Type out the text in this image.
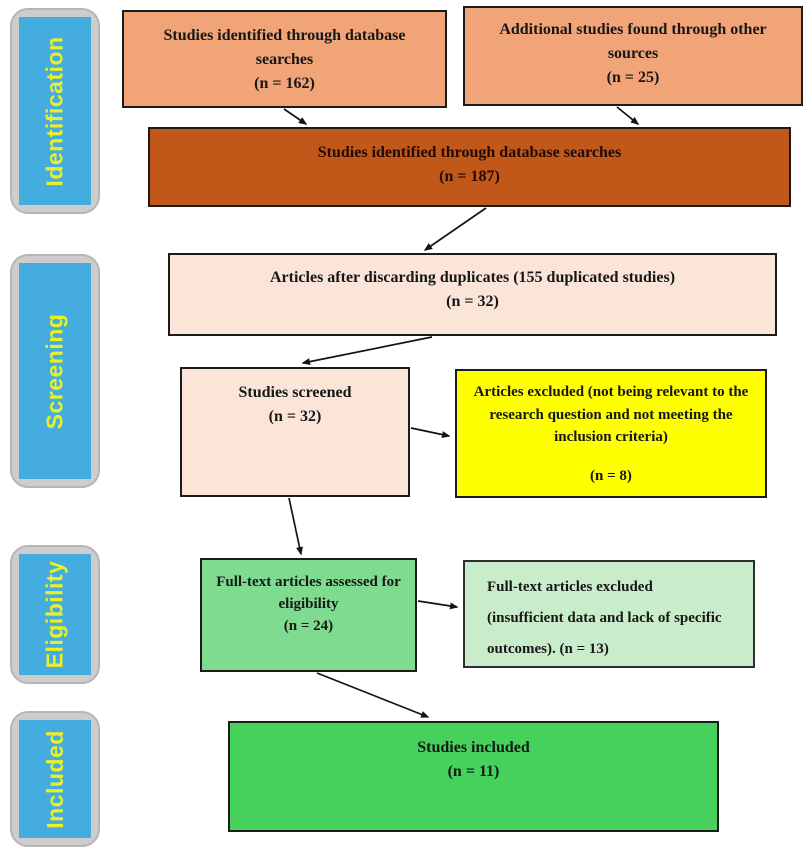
Identification
Screening
Eligibility
Included
Studies identified through database searches
(n = 162)
Additional studies found through other sources
(n = 25)
Studies identified through database searches
(n = 187)
Articles after discarding duplicates (155 duplicated studies)
(n = 32)
Studies screened
(n = 32)
Articles excluded (not being relevant to the research question and not meeting the inclusion criteria)
(n = 8)
Full-text articles assessed for eligibility
(n = 24)
Full-text articles excluded (insufficient data and lack of specific outcomes). (n = 13)
Studies included
(n = 11)
